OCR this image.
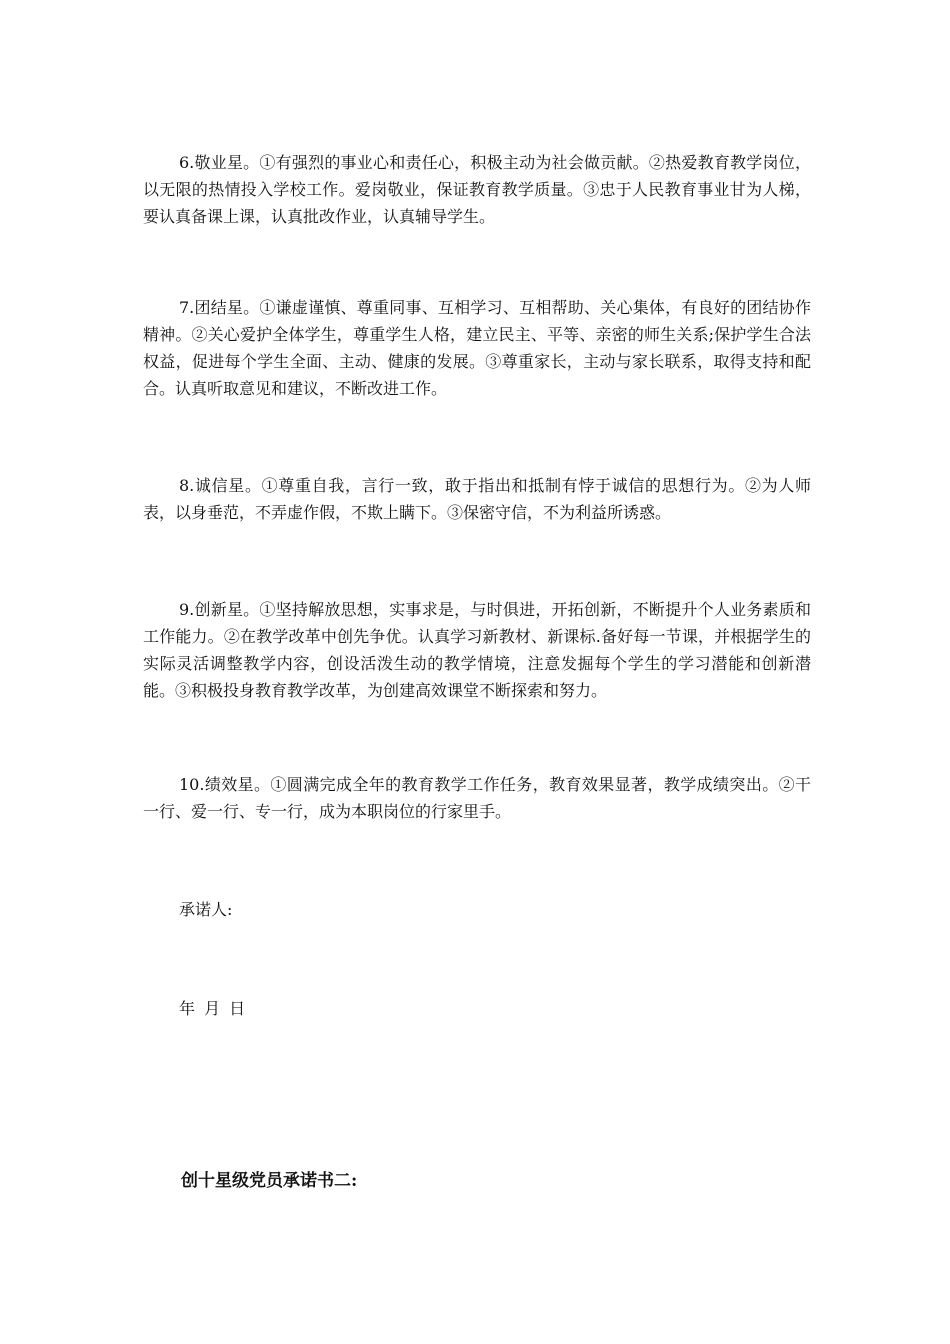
6.敬业星。①有强烈的事业心和责任心，积极主动为社会做贡献。②热爱教育教学岗位，以无限的热情投入学校工作。爱岗敬业，保证教育教学质量。③忠于人民教育事业甘为人梯，要认真备课上课，认真批改作业，认真辅导学生。

7.团结星。①谦虚谨慎、尊重同事、互相学习、互相帮助、关心集体，有良好的团结协作精神。②关心爱护全体学生，尊重学生人格，建立民主、平等、亲密的师生关系;保护学生合法权益，促进每个学生全面、主动、健康的发展。③尊重家长，主动与家长联系，取得支持和配合。认真听取意见和建议，不断改进工作。

8.诚信星。①尊重自我，言行一致，敢于指出和抵制有悖于诚信的思想行为。②为人师表，以身垂范，不弄虚作假，不欺上瞒下。③保密守信，不为利益所诱惑。

9.创新星。①坚持解放思想，实事求是，与时俱进，开拓创新，不断提升个人业务素质和工作能力。②在教学改革中创先争优。认真学习新教材、新课标.备好每一节课，并根据学生的实际灵活调整教学内容，创设活泼生动的教学情境，注意发掘每个学生的学习潜能和创新潜能。③积极投身教育教学改革，为创建高效课堂不断探索和努力。

10.绩效星。①圆满完成全年的教育教学工作任务，教育效果显著，教学成绩突出。②干一行、爱一行、专一行，成为本职岗位的行家里手。

承诺人:

年 月 日

创十星级党员承诺书二:
